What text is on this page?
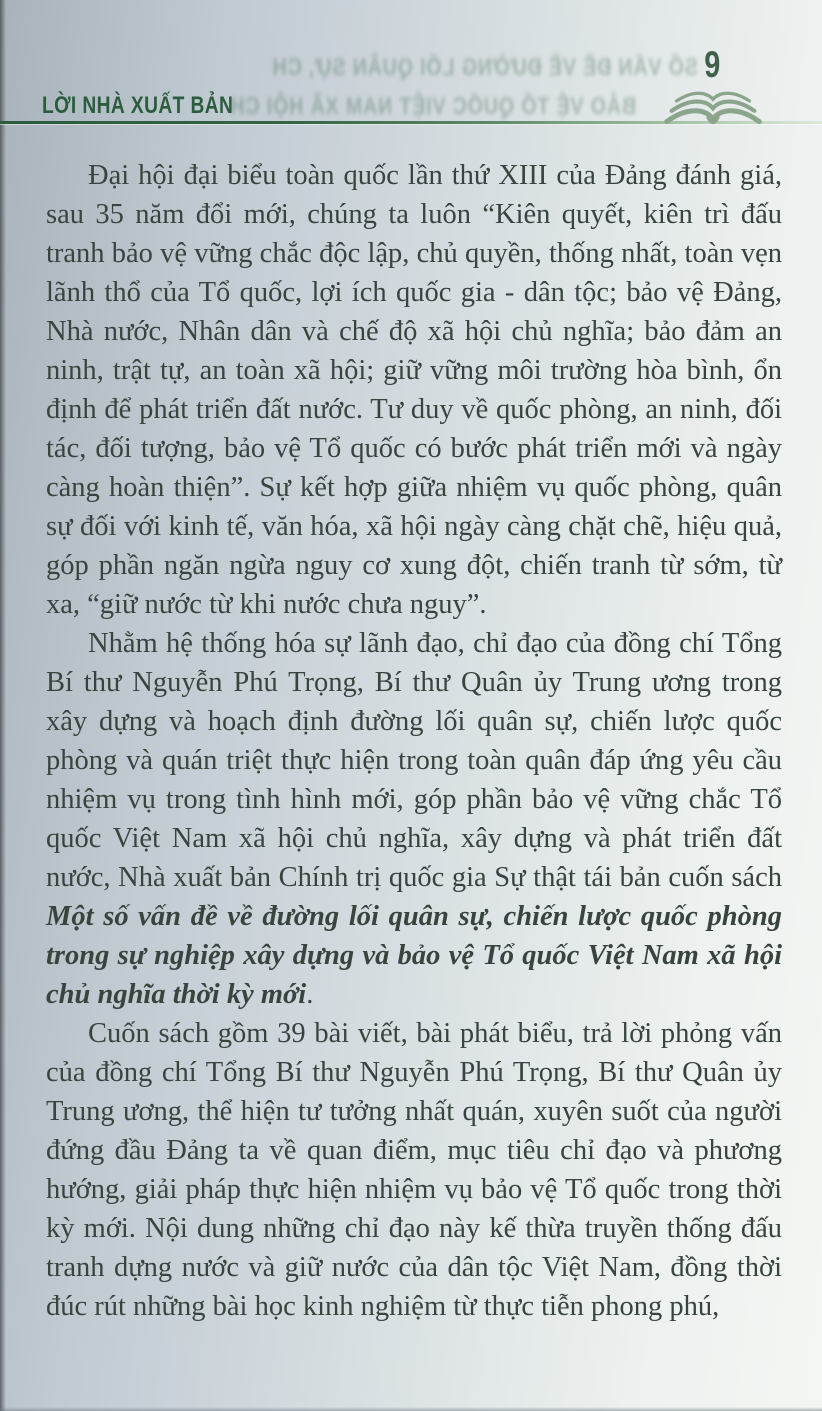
SỐ VẤN ĐỀ VỀ ĐƯỜNG LỐI QUÂN SỰ, CH
BẢO VỆ TỔ QUỐC VIỆT NAM XÃ HỘI CH
LỜI NHÀ XUẤT BẢN
9

Đại hội đại biểu toàn quốc lần thứ XIII của Đảng đánh giá, sau 35 năm đổi mới, chúng ta luôn “Kiên quyết, kiên trì đấu tranh bảo vệ vững chắc độc lập, chủ quyền, thống nhất, toàn vẹn lãnh thổ của Tổ quốc, lợi ích quốc gia - dân tộc; bảo vệ Đảng, Nhà nước, Nhân dân và chế độ xã hội chủ nghĩa; bảo đảm an ninh, trật tự, an toàn xã hội; giữ vững môi trường hòa bình, ổn định để phát triển đất nước. Tư duy về quốc phòng, an ninh, đối tác, đối tượng, bảo vệ Tổ quốc có bước phát triển mới và ngày càng hoàn thiện”. Sự kết hợp giữa nhiệm vụ quốc phòng, quân sự đối với kinh tế, văn hóa, xã hội ngày càng chặt chẽ, hiệu quả, góp phần ngăn ngừa nguy cơ xung đột, chiến tranh từ sớm, từ xa, “giữ nước từ khi nước chưa nguy”.

Nhằm hệ thống hóa sự lãnh đạo, chỉ đạo của đồng chí Tổng Bí thư Nguyễn Phú Trọng, Bí thư Quân ủy Trung ương trong xây dựng và hoạch định đường lối quân sự, chiến lược quốc phòng và quán triệt thực hiện trong toàn quân đáp ứng yêu cầu nhiệm vụ trong tình hình mới, góp phần bảo vệ vững chắc Tổ quốc Việt Nam xã hội chủ nghĩa, xây dựng và phát triển đất nước, Nhà xuất bản Chính trị quốc gia Sự thật tái bản cuốn sách Một số vấn đề về đường lối quân sự, chiến lược quốc phòng trong sự nghiệp xây dựng và bảo vệ Tổ quốc Việt Nam xã hội chủ nghĩa thời kỳ mới.

Cuốn sách gồm 39 bài viết, bài phát biểu, trả lời phỏng vấn của đồng chí Tổng Bí thư Nguyễn Phú Trọng, Bí thư Quân ủy Trung ương, thể hiện tư tưởng nhất quán, xuyên suốt của người đứng đầu Đảng ta về quan điểm, mục tiêu chỉ đạo và phương hướng, giải pháp thực hiện nhiệm vụ bảo vệ Tổ quốc trong thời kỳ mới. Nội dung những chỉ đạo này kế thừa truyền thống đấu tranh dựng nước và giữ nước của dân tộc Việt Nam, đồng thời đúc rút những bài học kinh nghiệm từ thực tiễn phong phú,
